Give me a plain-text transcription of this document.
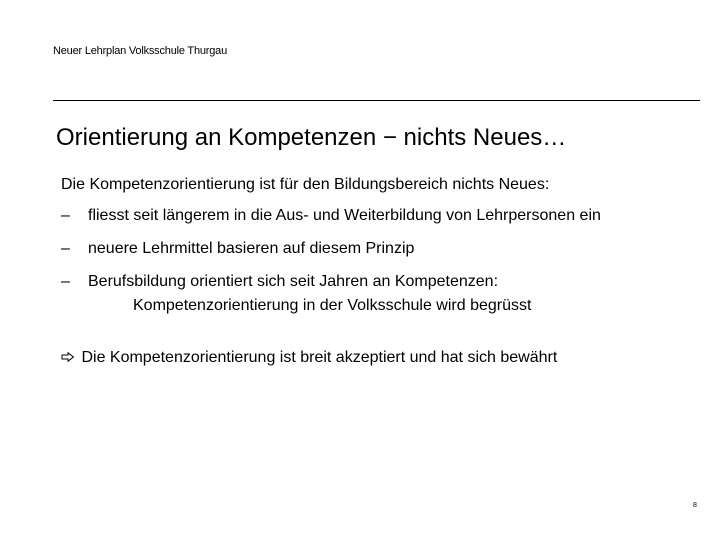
Neuer Lehrplan Volksschule Thurgau
Orientierung an Kompetenzen − nichts Neues…
Die Kompetenzorientierung ist für den Bildungsbereich nichts Neues:
–	fliesst seit längerem in die Aus- und Weiterbildung von Lehrpersonen ein
–	neuere Lehrmittel basieren auf diesem Prinzip
–	Berufsbildung orientiert sich seit Jahren an Kompetenzen:
Kompetenzorientierung in der Volksschule wird begrüsst
Die Kompetenzorientierung ist breit akzeptiert und hat sich bewährt
8
